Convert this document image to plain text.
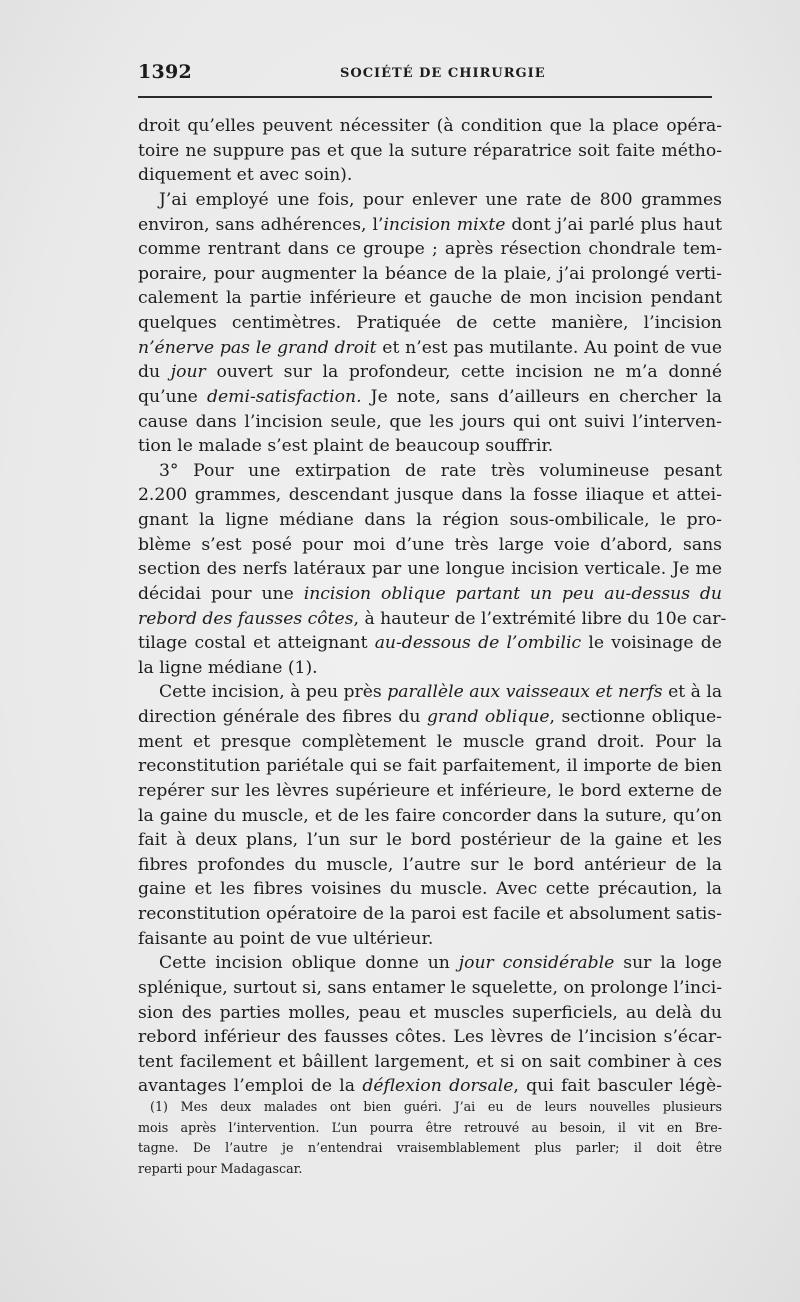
1392	SOCIÉTÉ DE CHIRURGIE
droit qu’elles peuvent nécessiter (à condition que la place opéra-
toire ne suppure pas et que la suture réparatrice soit faite métho-
diquement et avec soin).
J’ai employé une fois, pour enlever une rate de 800 grammes
environ, sans adhérences, l’incision mixte dont j’ai parlé plus haut
comme rentrant dans ce groupe ; après résection chondrale tem-
poraire, pour augmenter la béance de la plaie, j’ai prolongé verti-
calement la partie inférieure et gauche de mon incision pendant
quelques centimètres. Pratiquée de cette manière, l’incision
n’énerve pas le grand droit et n’est pas mutilante. Au point de vue
du jour ouvert sur la profondeur, cette incision ne m’a donné
qu’une demi-satisfaction. Je note, sans d’ailleurs en chercher la
cause dans l’incision seule, que les jours qui ont suivi l’interven-
tion le malade s’est plaint de beaucoup souffrir.
3° Pour une extirpation de rate très volumineuse pesant
2.200 grammes, descendant jusque dans la fosse iliaque et attei-
gnant la ligne médiane dans la région sous-ombilicale, le pro-
blème s’est posé pour moi d’une très large voie d’abord, sans
section des nerfs latéraux par une longue incision verticale. Je me
décidai pour une incision oblique partant un peu au-dessus du
rebord des fausses côtes, à hauteur de l’extrémité libre du 10e car-
tilage costal et atteignant au-dessous de l’ombilic le voisinage de
la ligne médiane (1).
Cette incision, à peu près parallèle aux vaisseaux et nerfs et à la
direction générale des fibres du grand oblique, sectionne oblique-
ment et presque complètement le muscle grand droit. Pour la
reconstitution pariétale qui se fait parfaitement, il importe de bien
repérer sur les lèvres supérieure et inférieure, le bord externe de
la gaine du muscle, et de les faire concorder dans la suture, qu’on
fait à deux plans, l’un sur le bord postérieur de la gaine et les
fibres profondes du muscle, l’autre sur le bord antérieur de la
gaine et les fibres voisines du muscle. Avec cette précaution, la
reconstitution opératoire de la paroi est facile et absolument satis-
faisante au point de vue ultérieur.
Cette incision oblique donne un jour considérable sur la loge
splénique, surtout si, sans entamer le squelette, on prolonge l’inci-
sion des parties molles, peau et muscles superficiels, au delà du
rebord inférieur des fausses côtes. Les lèvres de l’incision s’écar-
tent facilement et bâillent largement, et si on sait combiner à ces
avantages l’emploi de la déflexion dorsale, qui fait basculer légè-
(1) Mes deux malades ont bien guéri. J’ai eu de leurs nouvelles plusieurs
mois après l’intervention. L’un pourra être retrouvé au besoin, il vit en Bre-
tagne. De l’autre je n’entendrai vraisemblablement plus parler; il doit être
reparti pour Madagascar.
